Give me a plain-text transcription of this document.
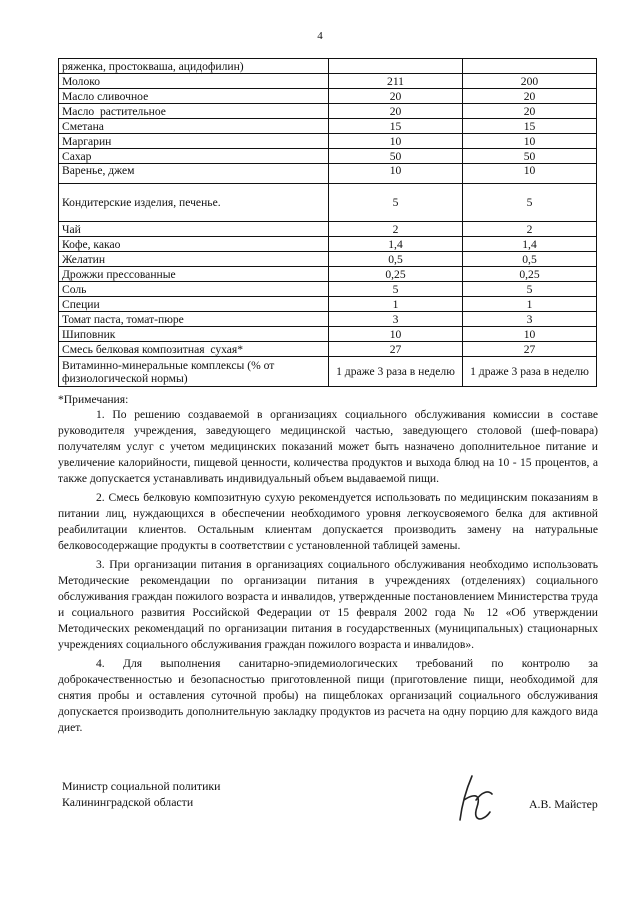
4
ряженка, простокваша, ацидофилин)		
Молоко	211	200
Масло сливочное	20	20
Масло  растительное	20	20
Сметана	15	15
Маргарин	10	10
Сахар	50	50
Варенье, джем	10	10
Кондитерские изделия, печенье.	5	5
Чай	2	2
Кофе, какао	1,4	1,4
Желатин	0,5	0,5
Дрожжи прессованные	0,25	0,25
Соль	5	5
Специи	1	1
Томат паста, томат-пюре	3	3
Шиповник	10	10
Смесь белковая композитная  сухая*	27	27
Витаминно-минеральные комплексы (% от физиологической нормы)	1 драже 3 раза в неделю	1 драже 3 раза в неделю
*Примечания:

1. По решению создаваемой в организациях социального обслуживания комиссии в составе руководителя учреждения, заведующего медицинской частью, заведующего столовой (шеф-повара) получателям услуг с учетом медицинских показаний может быть назначено дополнительное питание и увеличение калорийности, пищевой ценности, количества продуктов и выхода блюд на 10 - 15 процентов, а также допускается устанавливать индивидуальный объем выдаваемой пищи.

2. Смесь белковую композитную сухую рекомендуется использовать по медицинским показаниям в питании лиц, нуждающихся в обеспечении необходимого уровня легкоусвояемого белка для активной реабилитации клиентов. Остальным клиентам допускается производить замену на натуральные белковосодержащие продукты в соответствии с установленной таблицей замены.

3. При организации питания в организациях социального обслуживания необходимо использовать Методические рекомендации по организации питания в учреждениях (отделениях) социального обслуживания граждан пожилого возраста и инвалидов, утвержденные постановлением Министерства труда и социального развития Российской Федерации от 15 февраля 2002 года № 12 «Об утверждении Методических рекомендаций по организации питания в государственных (муниципальных) стационарных учреждениях социального обслуживания граждан пожилого возраста и инвалидов».

4. Для выполнения санитарно-эпидемиологических требований по контролю за доброкачественностью и безопасностью приготовленной пищи (приготовление пищи, необходимой для снятия пробы и оставления суточной пробы) на пищеблоках организаций социального обслуживания допускается производить дополнительную закладку продуктов из расчета на одну порцию для каждого вида диет.

Министр социальной политики
Калининградской области	А.В. Майстер
